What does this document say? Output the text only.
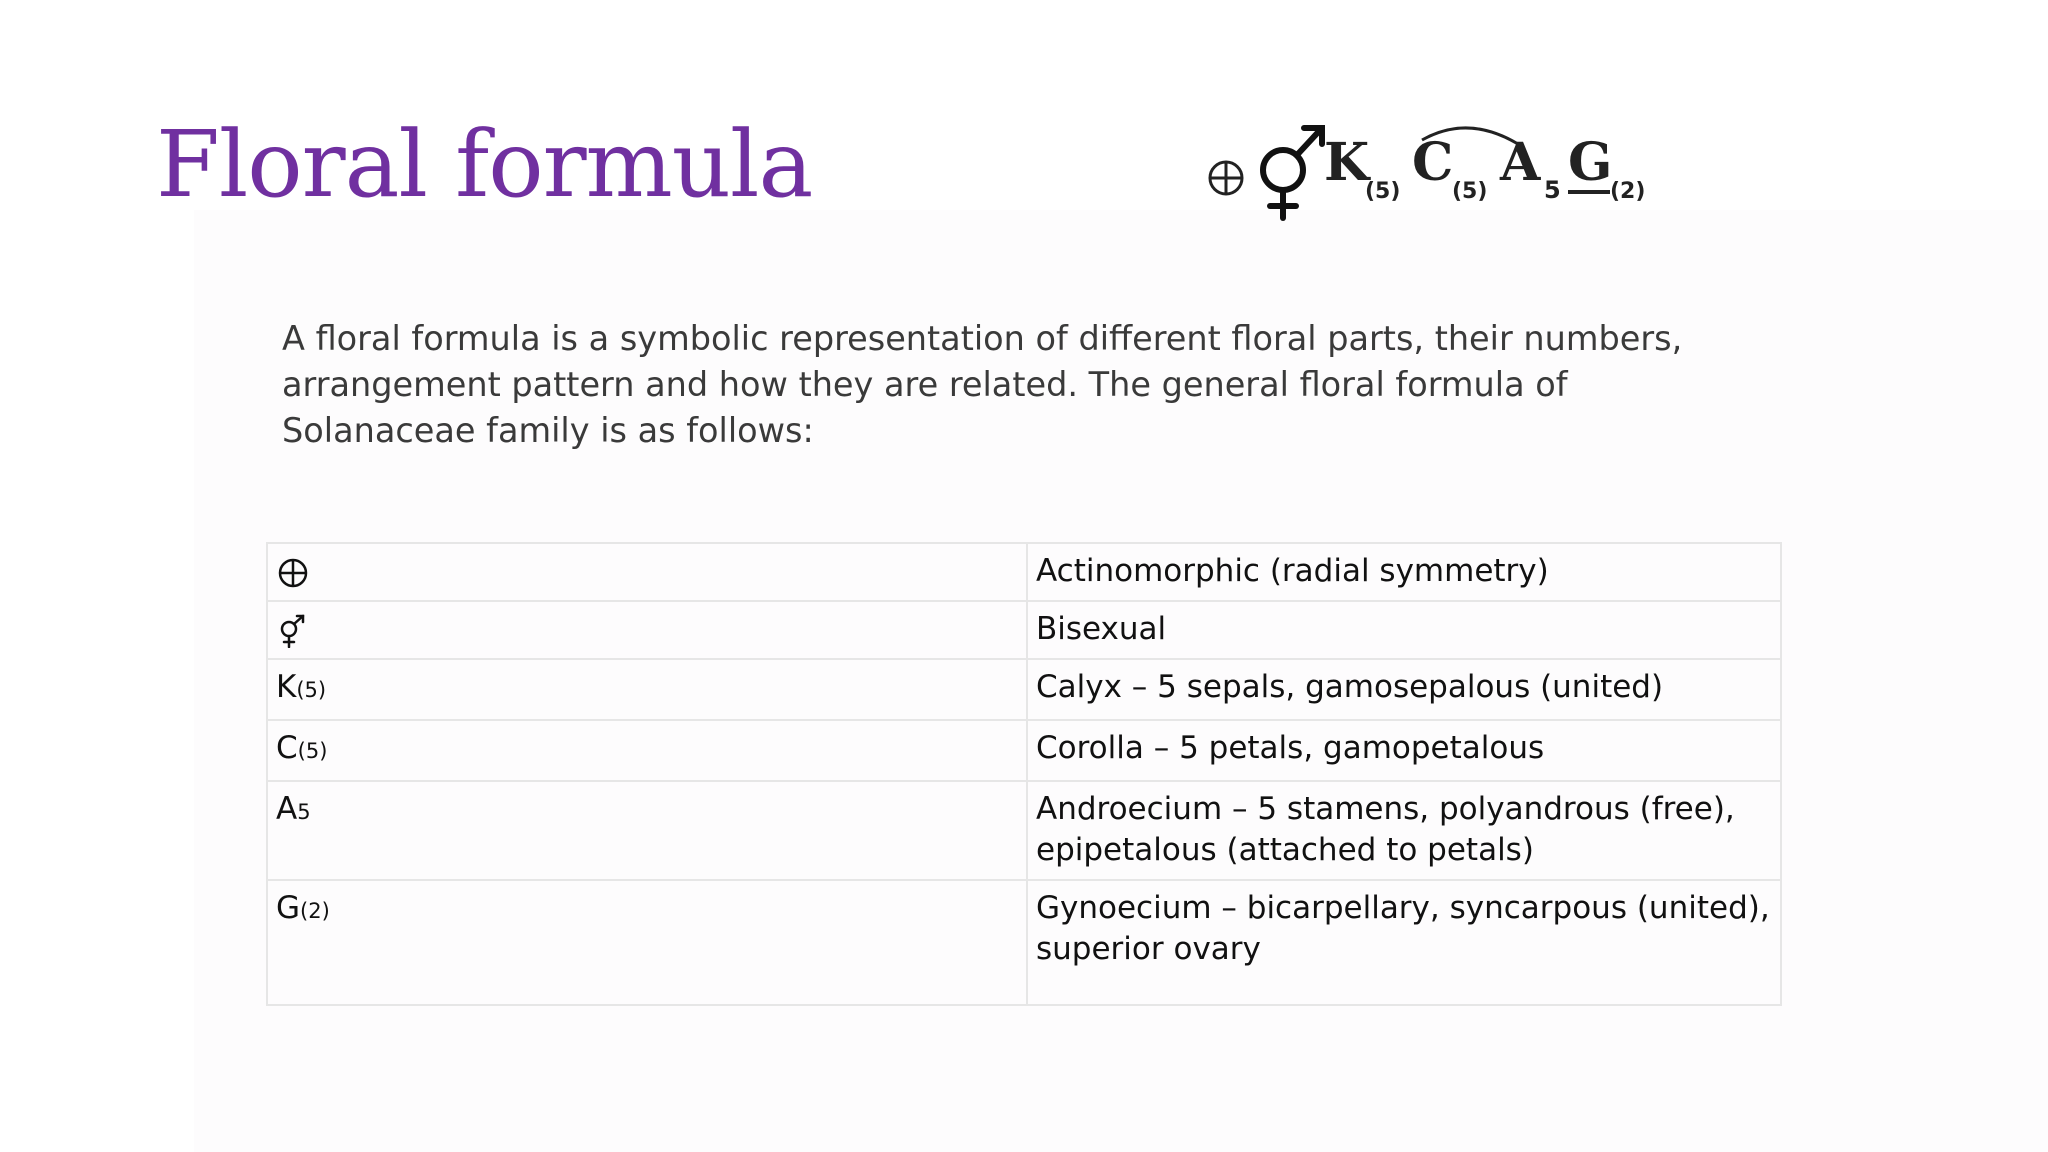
Floral formula	K
(5) C
(5) A 5 G
(2)
A floral formula is a symbolic representation of different floral parts, their numbers, arrangement pattern and how they are related. The general floral formula of Solanaceae family is as follows:
	Actinomorphic (radial symmetry)
	Bisexual
K(5)	Calyx – 5 sepals, gamosepalous (united)
C(5)	Corolla – 5 petals, gamopetalous
A5	Androecium – 5 stamens, polyandrous (free), epipetalous (attached to petals)
G(2)	Gynoecium – bicarpellary, syncarpous (united), superior ovary
